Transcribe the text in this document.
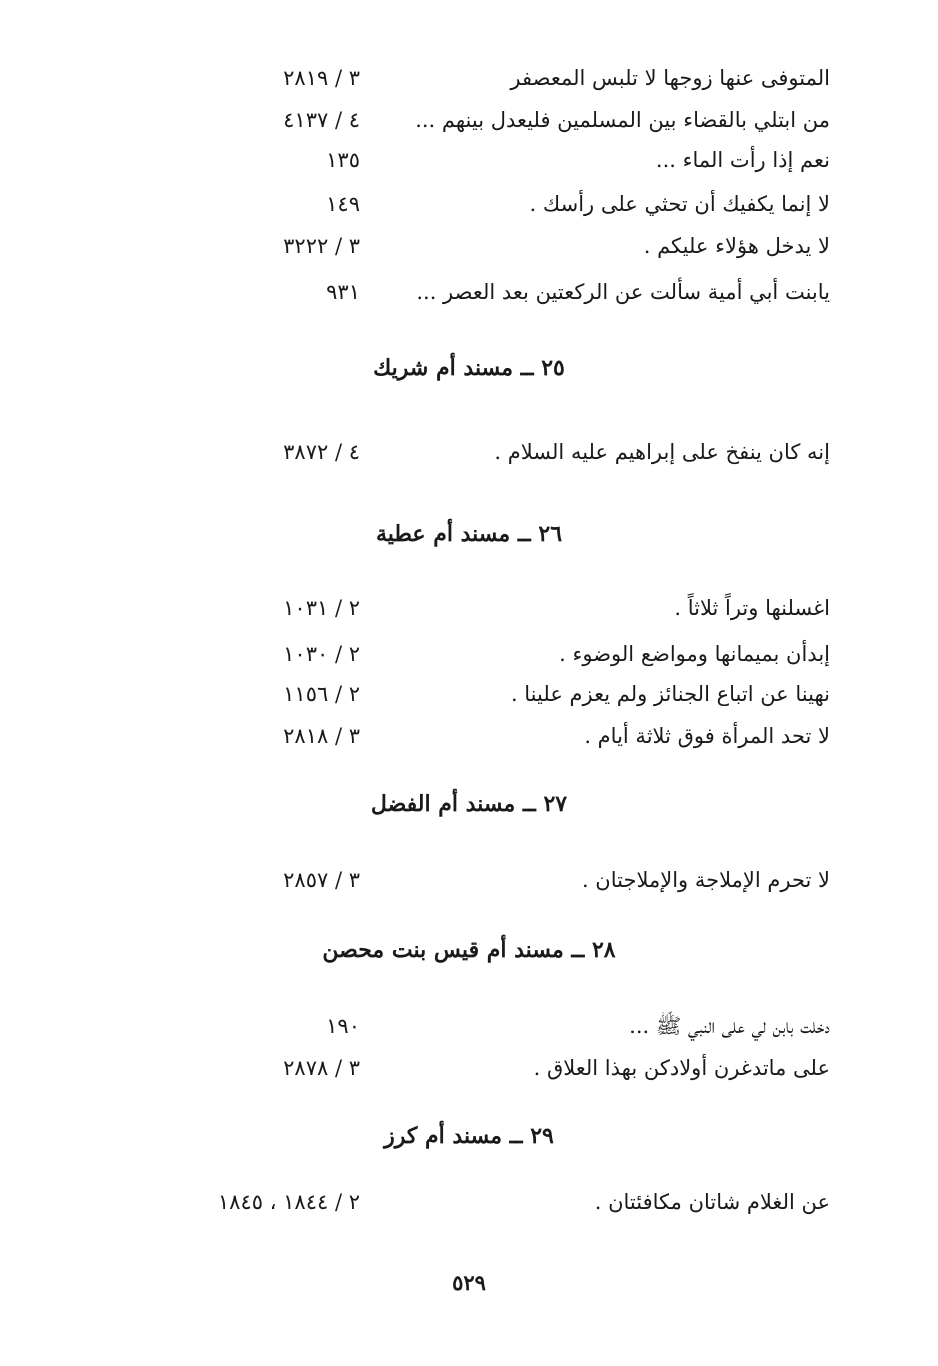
المتوفى عنها زوجها لا تلبس المعصفر
٣ / ٢٨١٩
من ابتلي بالقضاء بين المسلمين فليعدل بينهم ...
٤ / ٤١٣٧
نعم إذا رأت الماء ...
١٣٥
لا إنما يكفيك أن تحثي على رأسك .
١٤٩
لا يدخل هؤلاء عليكم .
٣ / ٣٢٢٢
يابنت أبي أمية سألت عن الركعتين بعد العصر ...
٩٣١
٢٥ ــ مسند أم شريك
إنه كان ينفخ على إبراهيم عليه السلام .
٤ / ٣٨٧٢
٢٦ ــ مسند أم عطية
اغسلنها وتراً ثلاثاً .
٢ / ١٠٣١
إبدأن بميمانها ومواضع الوضوء .
٢ / ١٠٣٠
نهينا عن اتباع الجنائز ولم يعزم علينا .
٢ / ١١٥٦
لا تحد المرأة فوق ثلاثة أيام .
٣ / ٢٨١٨
٢٧ ــ مسند أم الفضل
لا تحرم الإملاجة والإملاجتان .
٣ / ٢٨٥٧
٢٨ ــ مسند أم قيس بنت محصن
دخلت بابن لي على النبي ﷺ ...
١٩٠
على ماتدغرن أولادكن بهذا العلاق .
٣ / ٢٨٧٨
٢٩ ــ مسند أم كرز
عن الغلام شاتان مكافئتان .
٢ / ١٨٤٤ ، ١٨٤٥
٥٢٩
